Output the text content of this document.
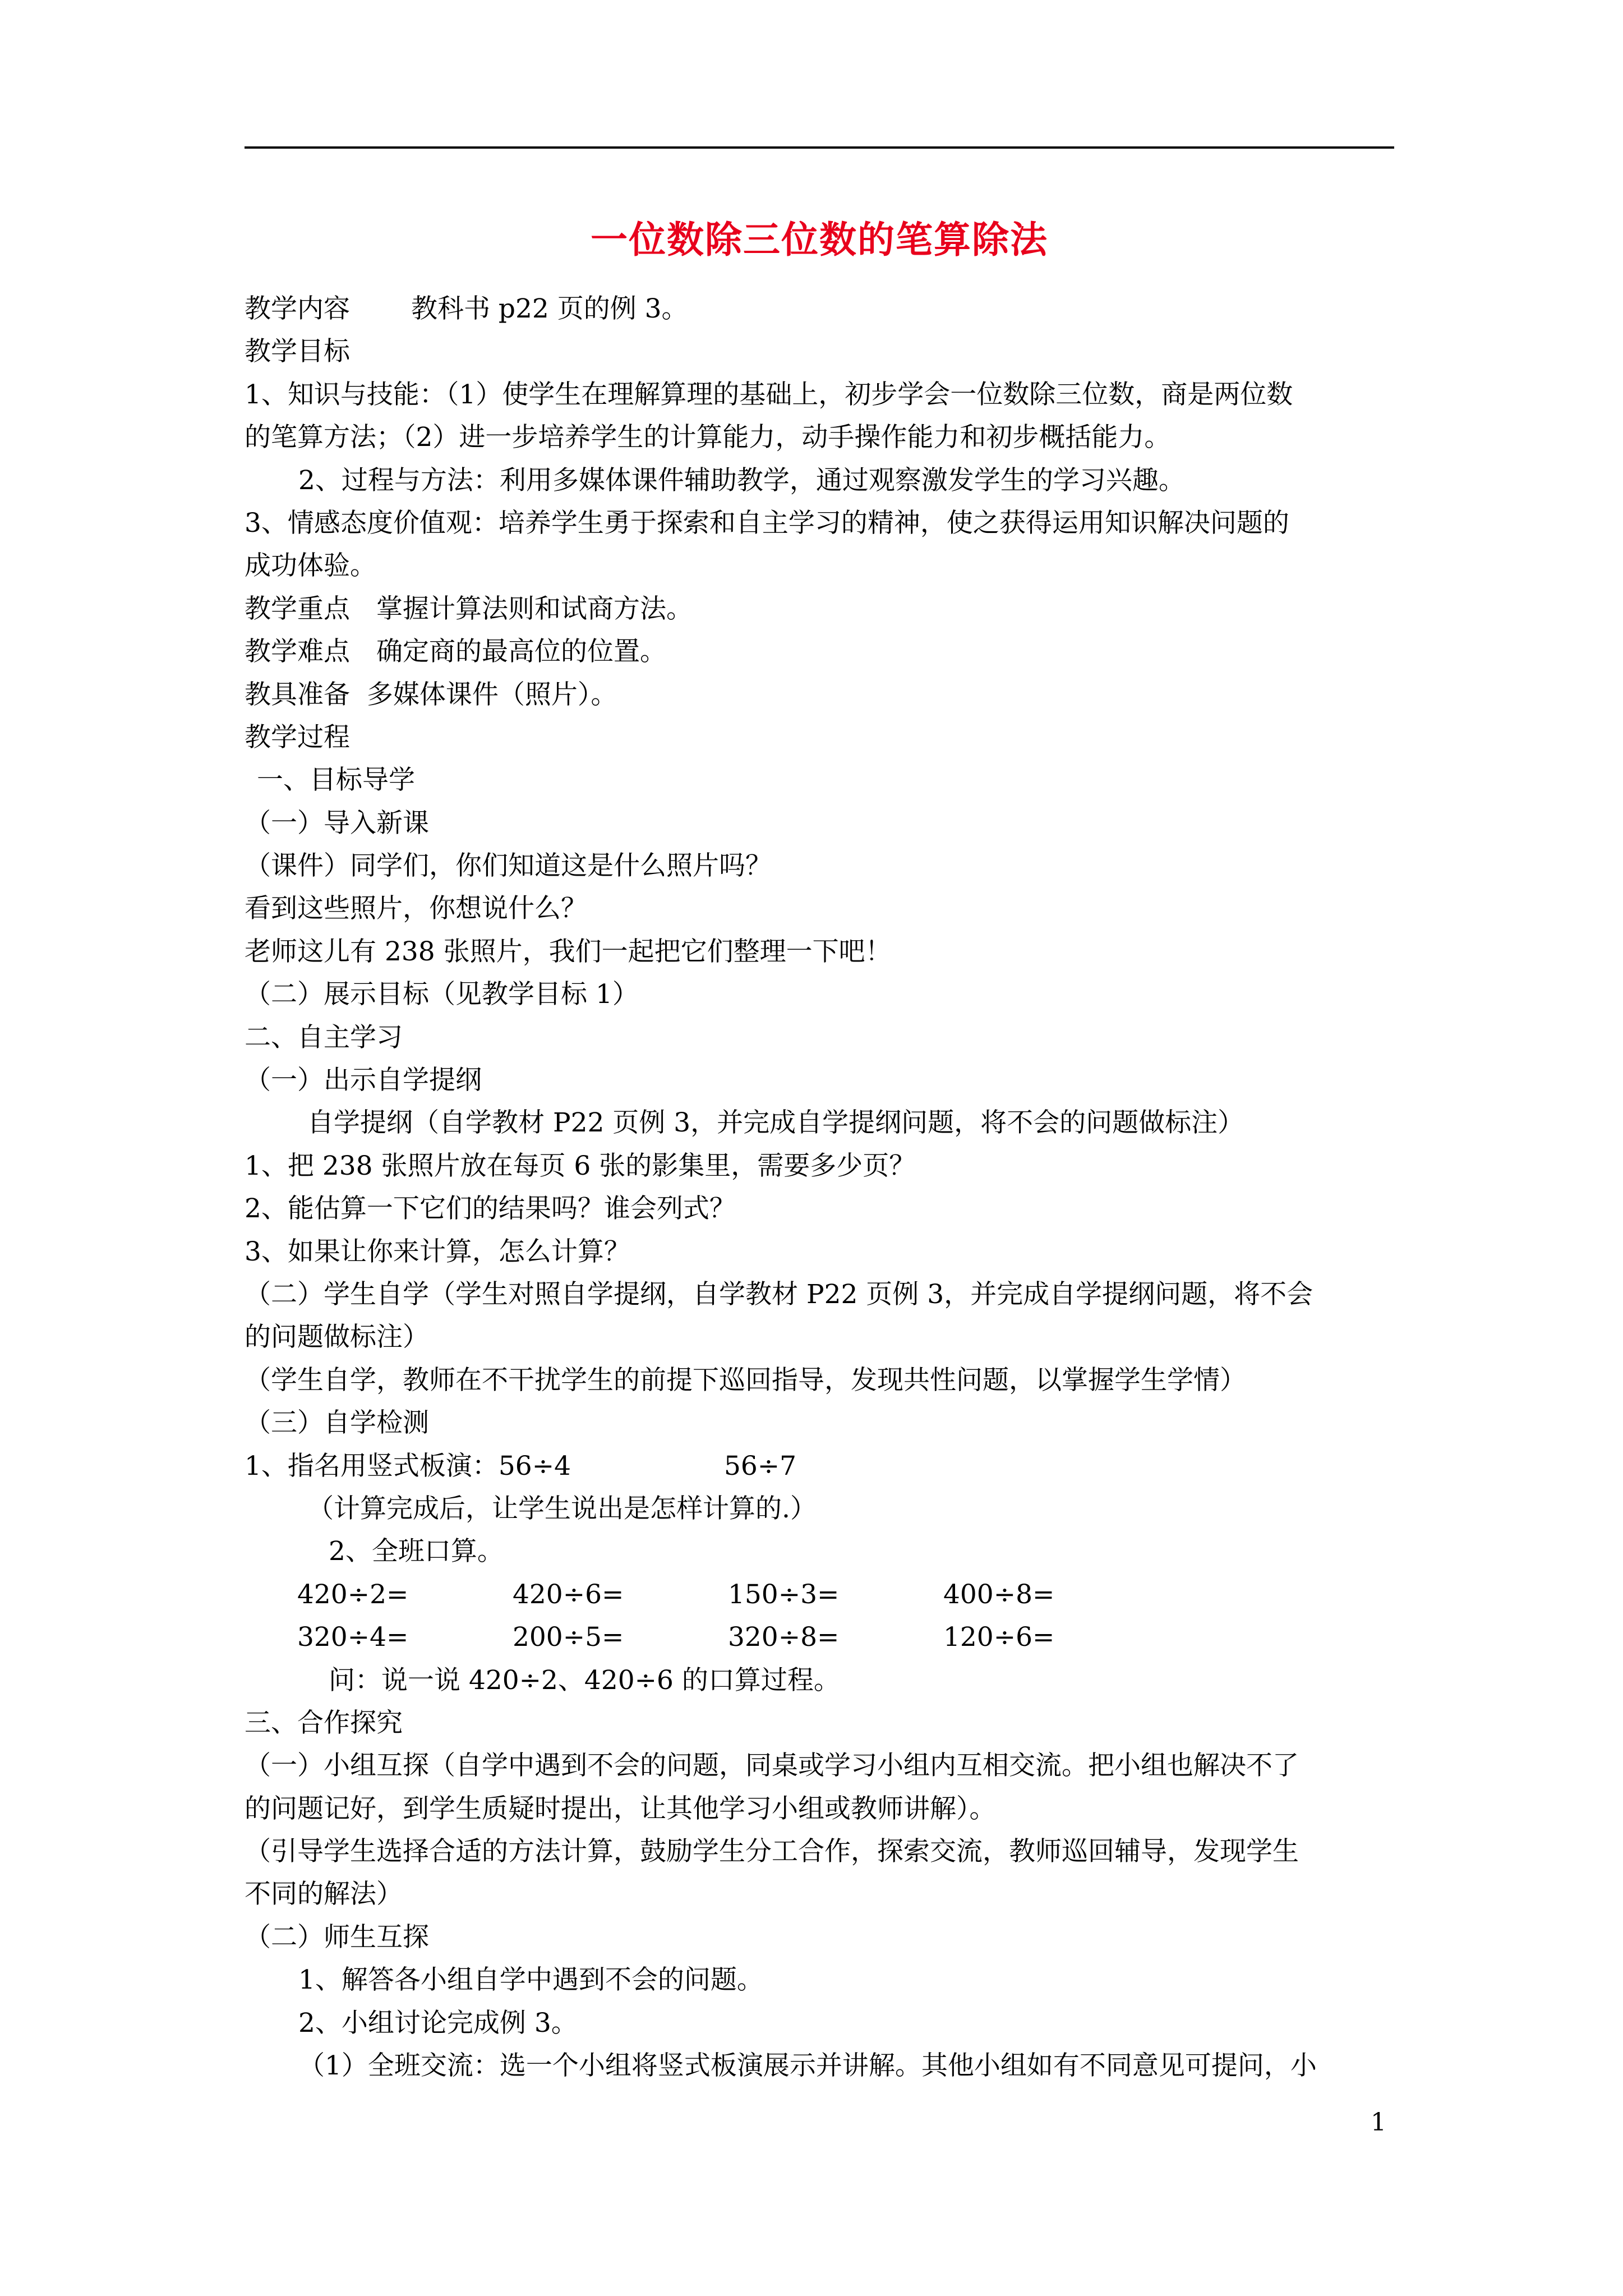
一位数除三位数的笔算除法
教学内容　　 教科书 p22 页的例 3。
教学目标
1、知识与技能：（1）使学生在理解算理的基础上，初步学会一位数除三位数，商是两位数
的笔算方法；（2）进一步培养学生的计算能力，动手操作能力和初步概括能力。
2、过程与方法：利用多媒体课件辅助教学，通过观察激发学生的学习兴趣。
3、情感态度价值观：培养学生勇于探索和自主学习的精神，使之获得运用知识解决问题的
成功体验。
教学重点　掌握计算法则和试商方法。
教学难点　确定商的最高位的位置。
教具准备  多媒体课件（照片）。
教学过程
一、目标导学
（一）导入新课
（课件）同学们，你们知道这是什么照片吗？
看到这些照片，你想说什么？
老师这儿有 238 张照片，我们一起把它们整理一下吧！
（二）展示目标（见教学目标 1）
二、自主学习
（一）出示自学提纲
自学提纲（自学教材 P22 页例 3，并完成自学提纲问题，将不会的问题做标注）
1、把 238 张照片放在每页 6 张的影集里，需要多少页？
2、能估算一下它们的结果吗？谁会列式？
3、如果让你来计算，怎么计算？
（二）学生自学（学生对照自学提纲，自学教材 P22 页例 3，并完成自学提纲问题，将不会
的问题做标注）
（学生自学，教师在不干扰学生的前提下巡回指导，发现共性问题，以掌握学生学情）
（三）自学检测
1、指名用竖式板演：56÷4	56÷7
（计算完成后，让学生说出是怎样计算的.）
2、全班口算。
420÷2=	420÷6=	150÷3=	400÷8=
320÷4=	200÷5=	320÷8=	120÷6=
问：说一说 420÷2、420÷6 的口算过程。
三、合作探究
（一）小组互探（自学中遇到不会的问题，同桌或学习小组内互相交流。把小组也解决不了
的问题记好，到学生质疑时提出，让其他学习小组或教师讲解）。
（引导学生选择合适的方法计算，鼓励学生分工合作，探索交流，教师巡回辅导，发现学生
不同的解法）
（二）师生互探
1、解答各小组自学中遇到不会的问题。
2、小组讨论完成例 3。
（1）全班交流：选一个小组将竖式板演展示并讲解。其他小组如有不同意见可提问，小
1
